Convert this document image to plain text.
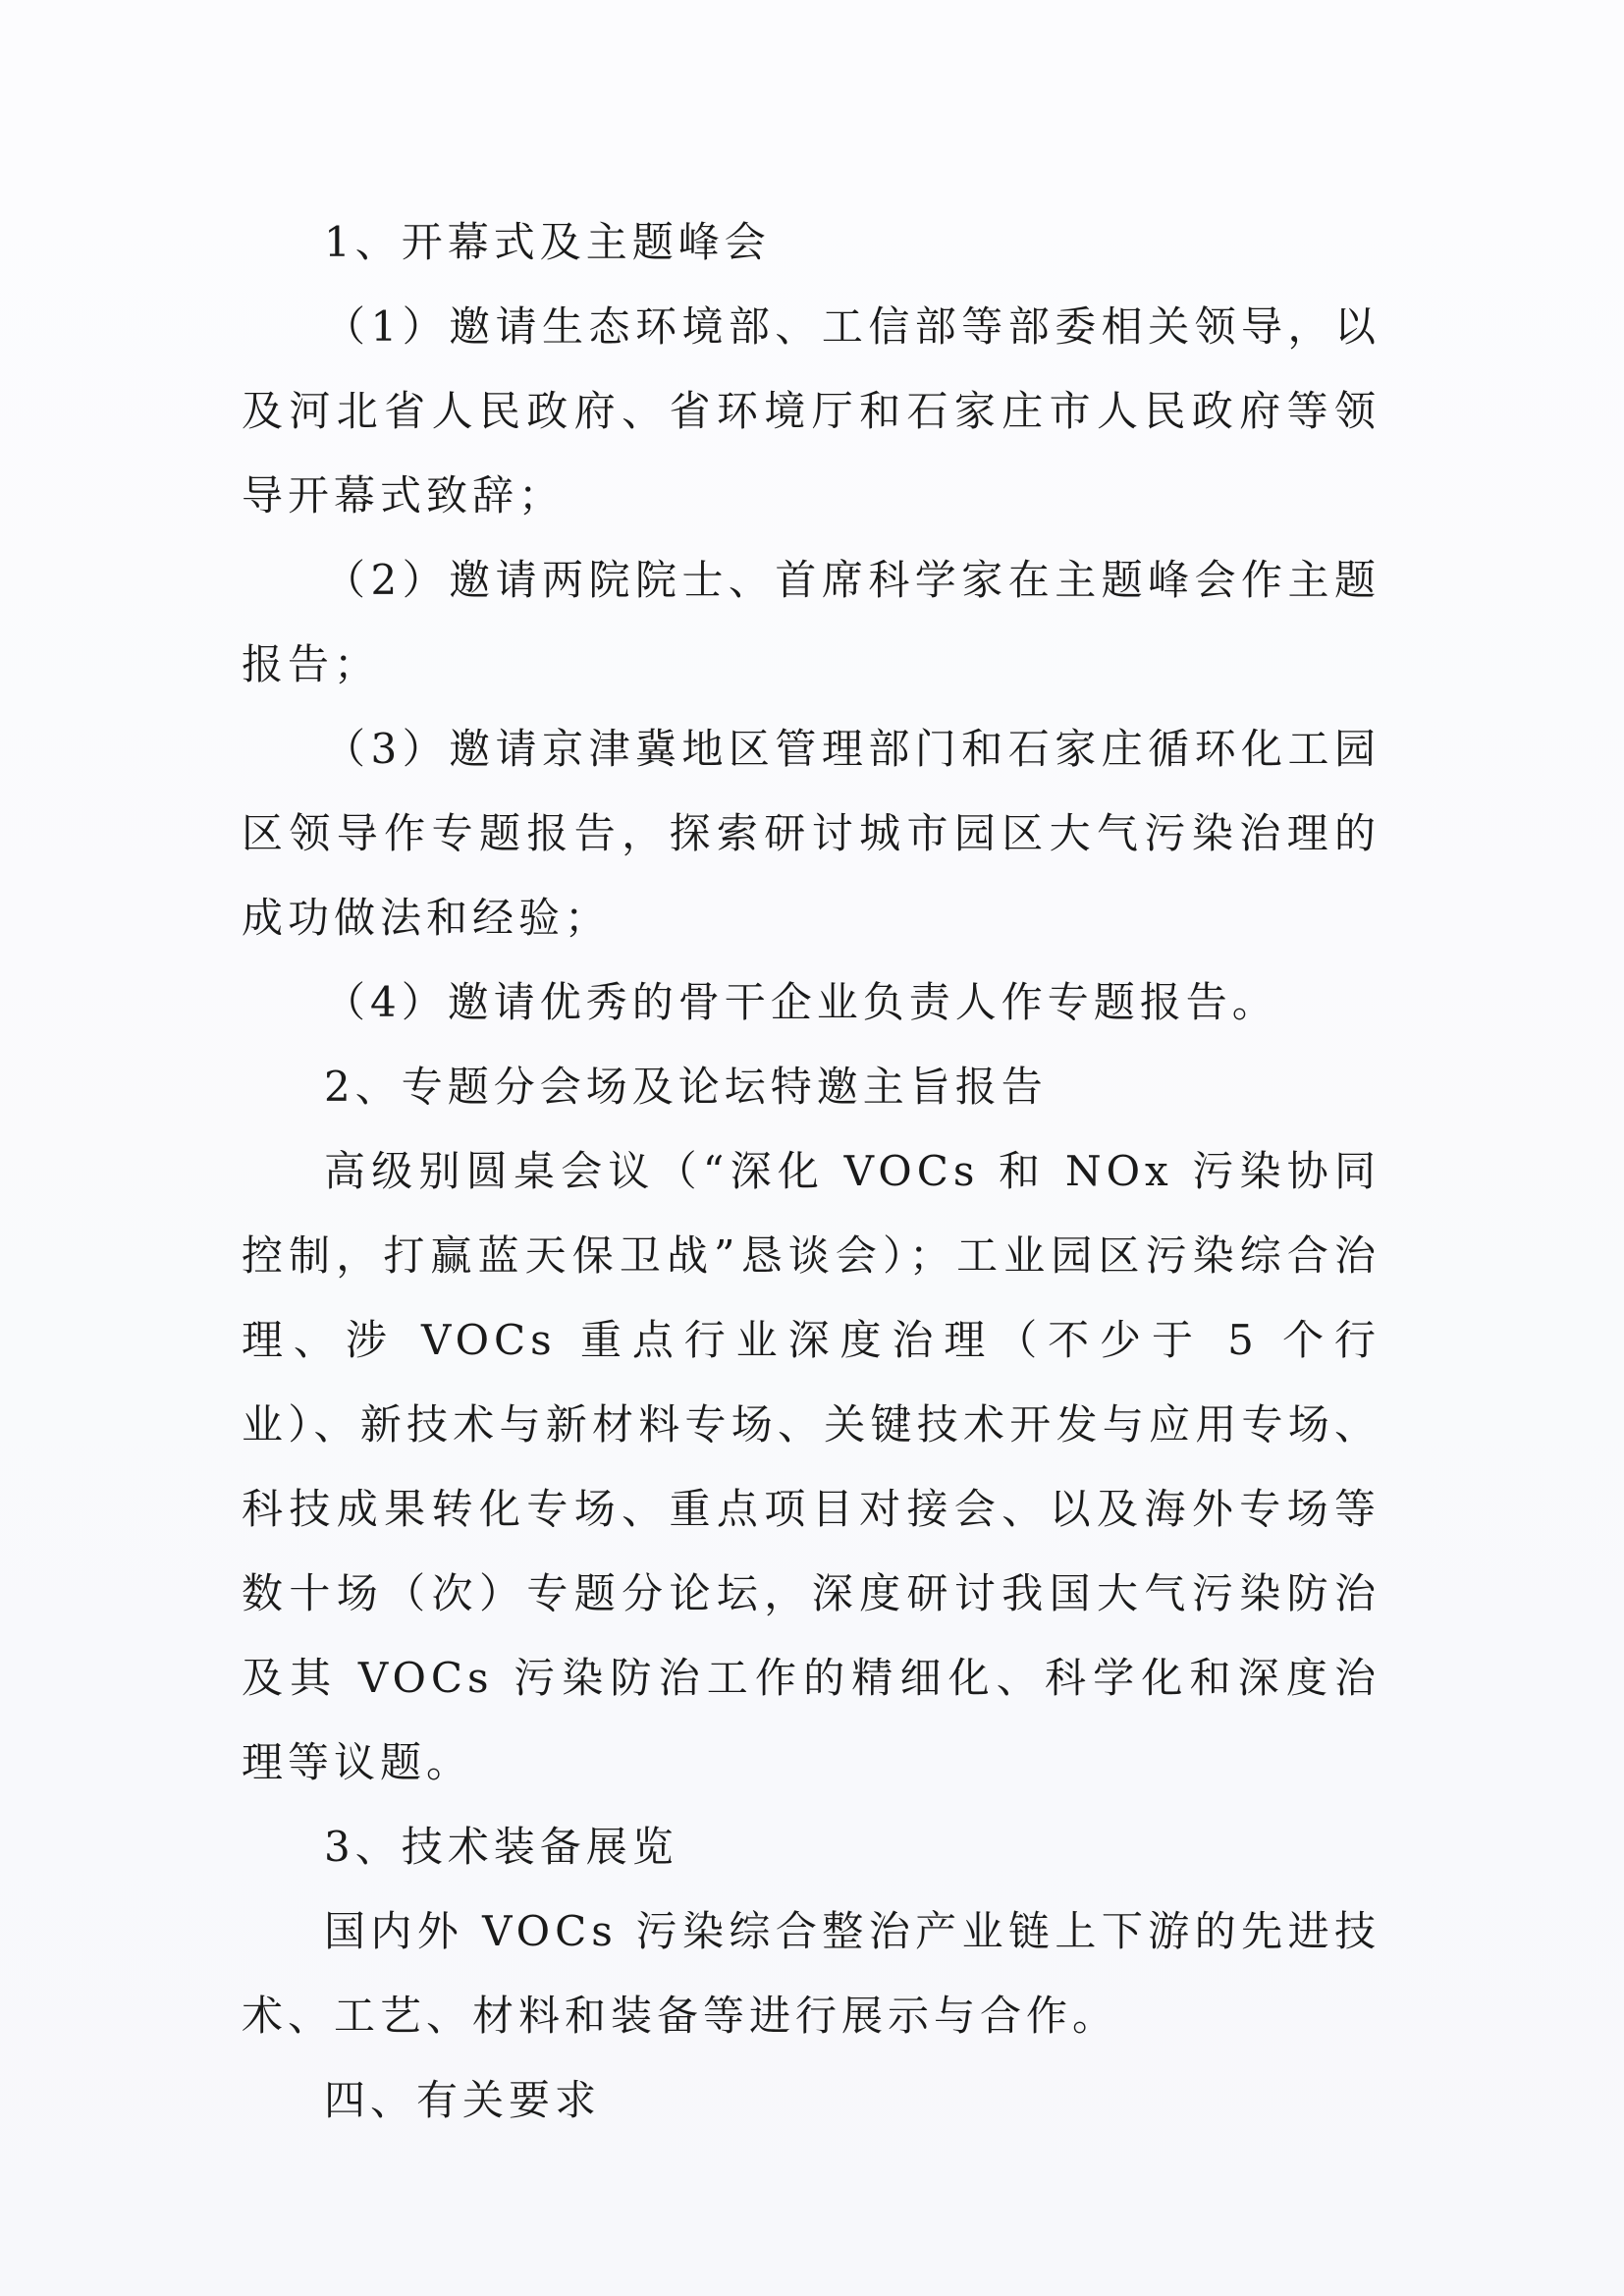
1、开幕式及主题峰会

（1）邀请生态环境部、工信部等部委相关领导，以及河北省人民政府、省环境厅和石家庄市人民政府等领导开幕式致辞；

（2）邀请两院院士、首席科学家在主题峰会作主题报告；

（3）邀请京津冀地区管理部门和石家庄循环化工园区领导作专题报告，探索研讨城市园区大气污染治理的成功做法和经验；

（4）邀请优秀的骨干企业负责人作专题报告。

2、专题分会场及论坛特邀主旨报告

高级别圆桌会议（“深化 VOCs 和 NOx 污染协同控制，打赢蓝天保卫战”恳谈会）；工业园区污染综合治理、涉 VOCs 重点行业深度治理（不少于 5 个行业）、新技术与新材料专场、关键技术开发与应用专场、科技成果转化专场、重点项目对接会、以及海外专场等数十场（次）专题分论坛，深度研讨我国大气污染防治及其 VOCs 污染防治工作的精细化、科学化和深度治理等议题。

3、技术装备展览

国内外 VOCs 污染综合整治产业链上下游的先进技术、工艺、材料和装备等进行展示与合作。

四、有关要求
